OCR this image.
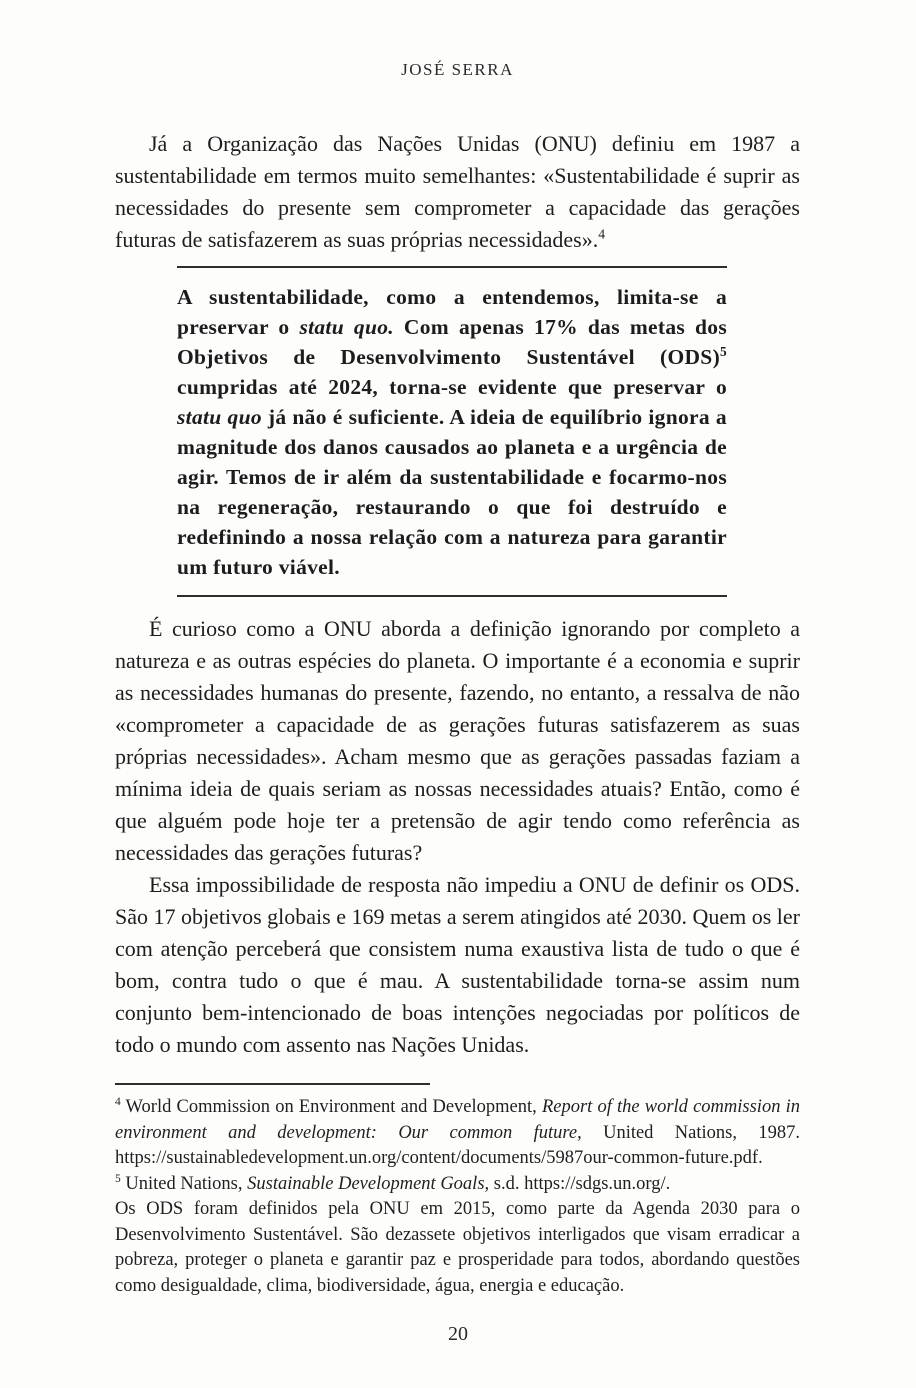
JOSÉ SERRA

Já a Organização das Nações Unidas (ONU) definiu em 1987 a sustentabilidade em termos muito semelhantes: «Sustentabilidade é suprir as necessidades do presente sem comprometer a capacidade das gerações futuras de satisfazerem as suas próprias necessidades».$^4$

A sustentabilidade, como a entendemos, limita-se a preservar o statu quo. Com apenas 17% das metas dos Objetivos de Desenvolvimento Sustentável (ODS)$^5$ cumpridas até 2024, torna-se evidente que preservar o statu quo já não é suficiente. A ideia de equilíbrio ignora a magnitude dos danos causados ao planeta e a urgência de agir. Temos de ir além da sustentabilidade e focarmo-nos na regeneração, restaurando o que foi destruído e redefinindo a nossa relação com a natureza para garantir um futuro viável.

É curioso como a ONU aborda a definição ignorando por completo a natureza e as outras espécies do planeta. O importante é a economia e suprir as necessidades humanas do presente, fazendo, no entanto, a ressalva de não «comprometer a capacidade de as gerações futuras satisfazerem as suas próprias necessidades». Acham mesmo que as gerações passadas faziam a mínima ideia de quais seriam as nossas necessidades atuais? Então, como é que alguém pode hoje ter a pretensão de agir tendo como referência as necessidades das gerações futuras?

Essa impossibilidade de resposta não impediu a ONU de definir os ODS. São 17 objetivos globais e 169 metas a serem atingidos até 2030. Quem os ler com atenção perceberá que consistem numa exaustiva lista de tudo o que é bom, contra tudo o que é mau. A sustentabilidade torna-se assim num conjunto bem-intencionado de boas intenções negociadas por políticos de todo o mundo com assento nas Nações Unidas.

$^4$ World Commission on Environment and Development, Report of the world commission in environment and development: Our common future, United Nations, 1987. https://sustainabledevelopment.un.org/content/documents/5987our-common-future.pdf.

$^5$ United Nations, Sustainable Development Goals, s.d. https://sdgs.un.org/.

Os ODS foram definidos pela ONU em 2015, como parte da Agenda 2030 para o Desenvolvimento Sustentável. São dezassete objetivos interligados que visam erradicar a pobreza, proteger o planeta e garantir paz e prosperidade para todos, abordando questões como desigualdade, clima, biodiversidade, água, energia e educação.

20
